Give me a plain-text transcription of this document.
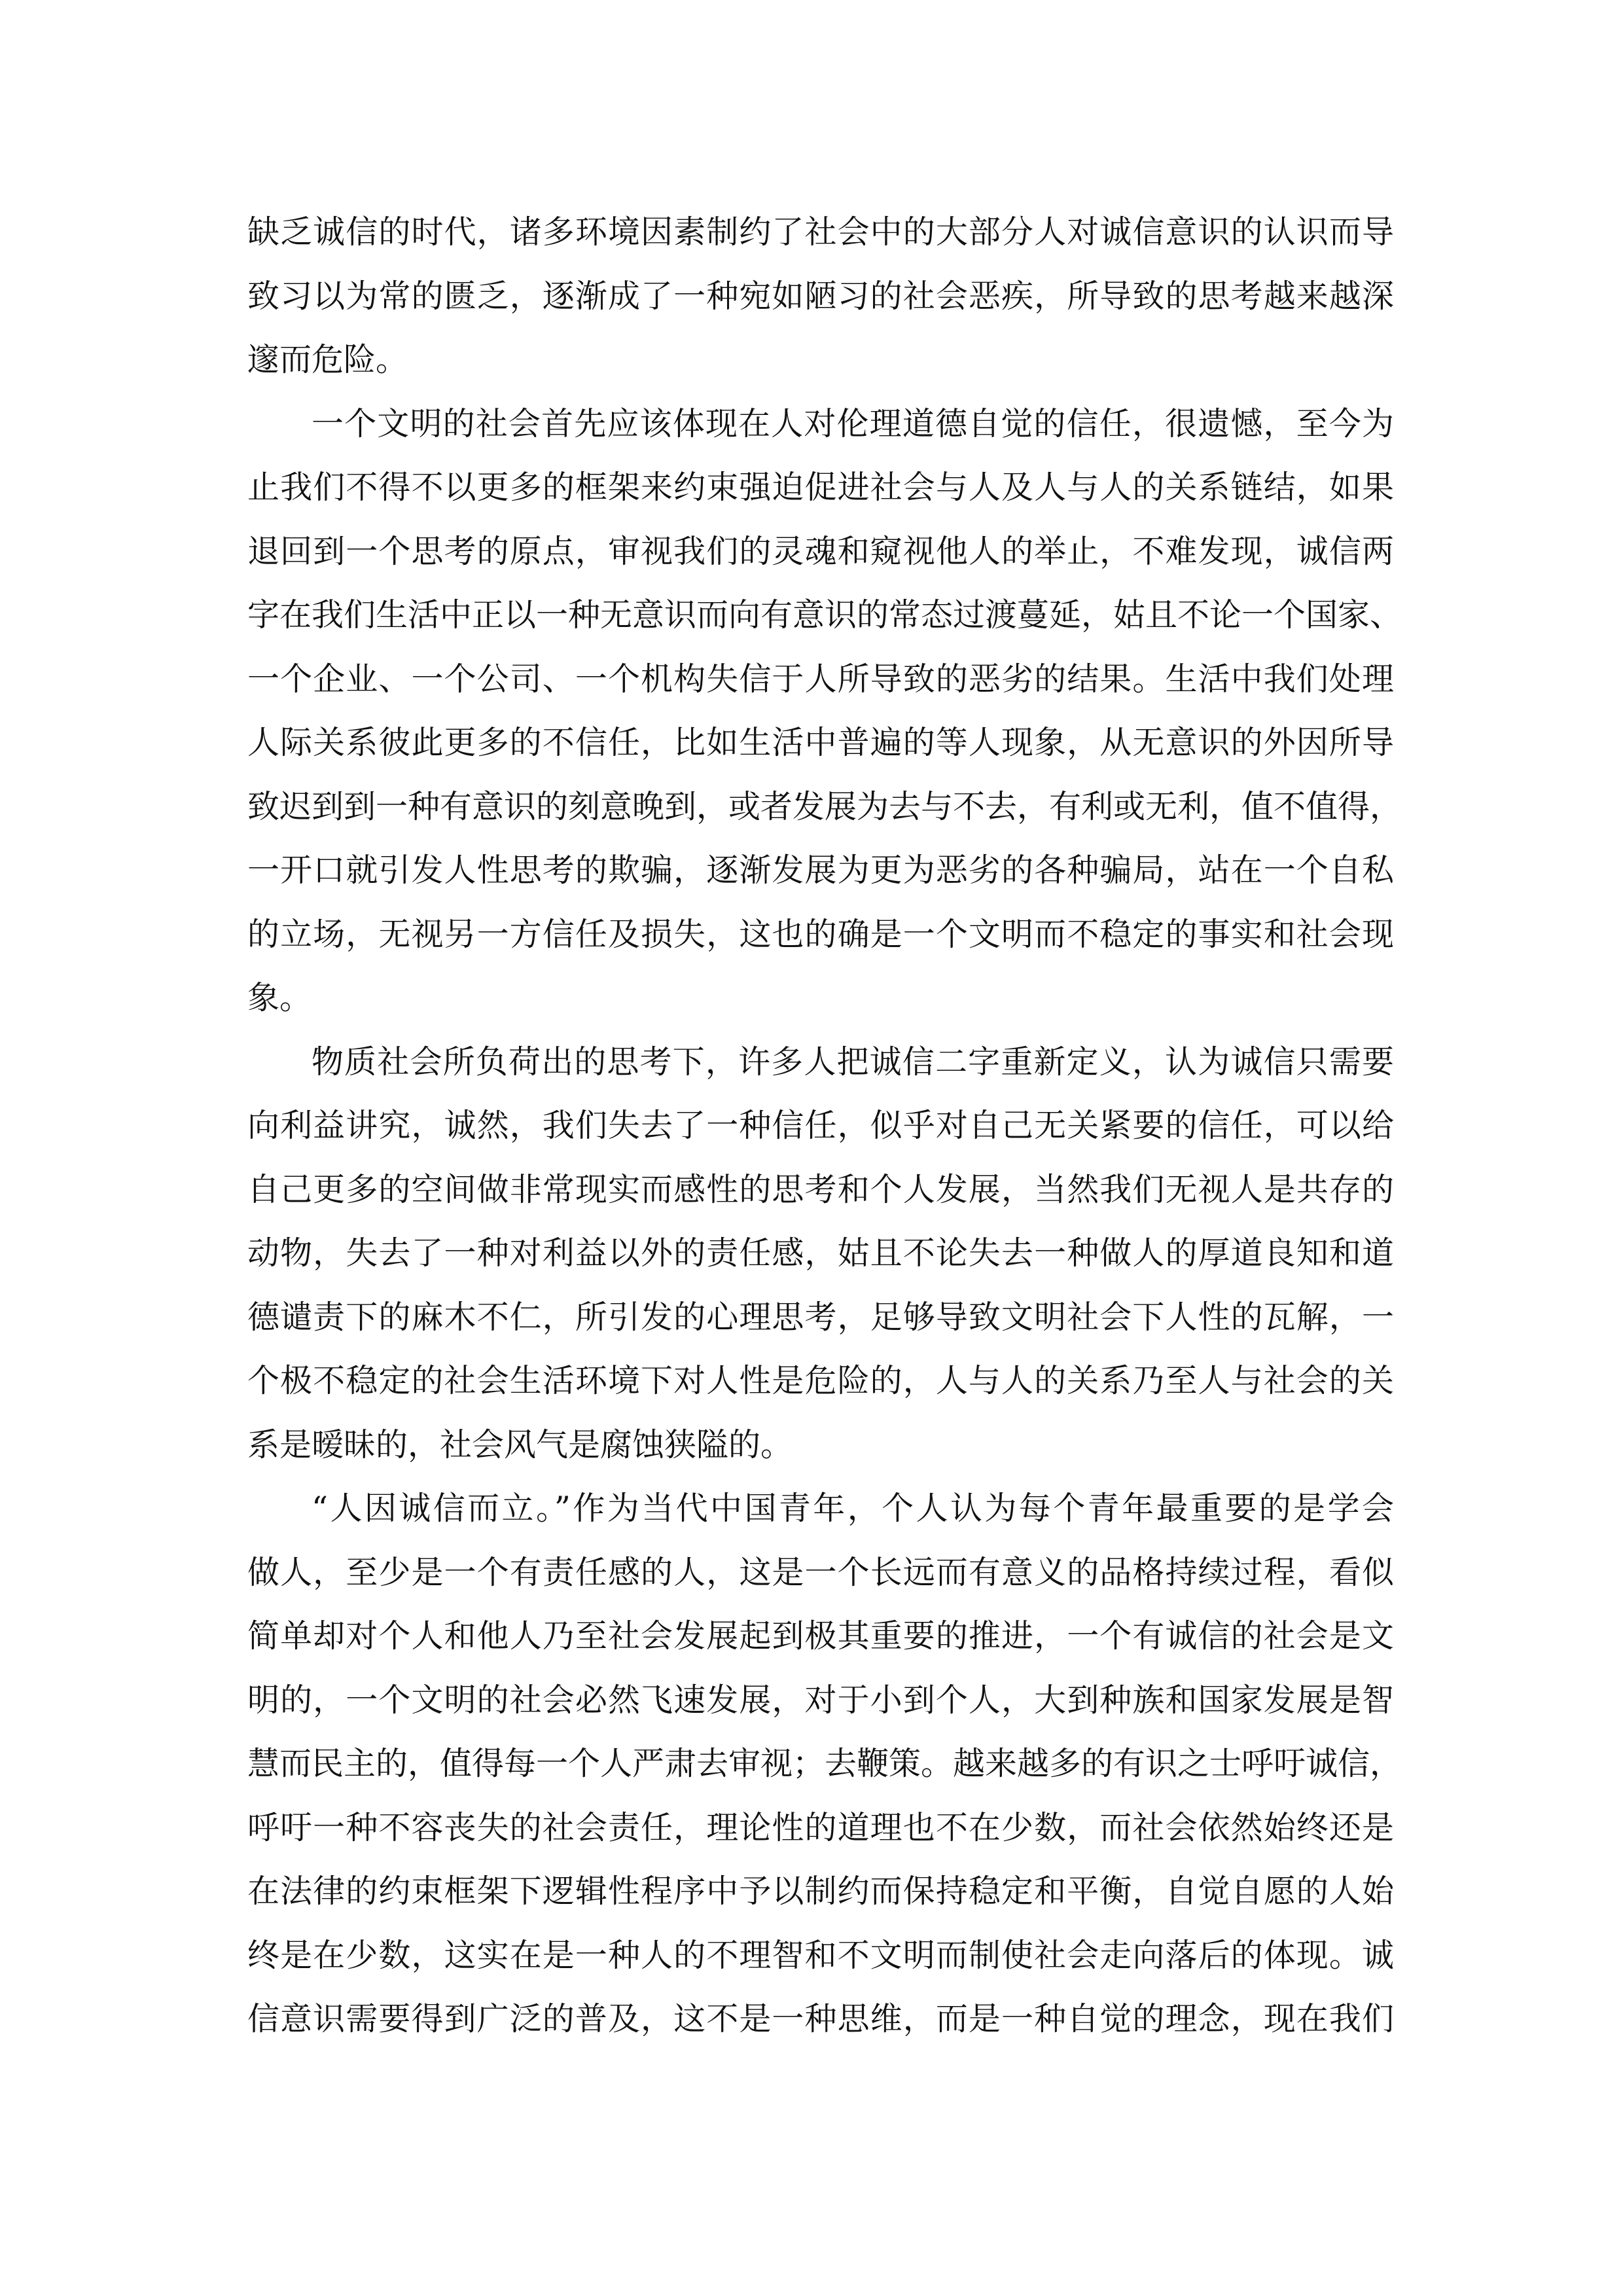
缺乏诚信的时代，诸多环境因素制约了社会中的大部分人对诚信意识的认识而导
致习以为常的匮乏，逐渐成了一种宛如陋习的社会恶疾，所导致的思考越来越深
邃而危险。
一个文明的社会首先应该体现在人对伦理道德自觉的信任，很遗憾，至今为
止我们不得不以更多的框架来约束强迫促进社会与人及人与人的关系链结，如果
退回到一个思考的原点，审视我们的灵魂和窥视他人的举止，不难发现，诚信两
字在我们生活中正以一种无意识而向有意识的常态过渡蔓延，姑且不论一个国家、
一个企业、一个公司、一个机构失信于人所导致的恶劣的结果。生活中我们处理
人际关系彼此更多的不信任，比如生活中普遍的等人现象，从无意识的外因所导
致迟到到一种有意识的刻意晚到，或者发展为去与不去，有利或无利，值不值得，
一开口就引发人性思考的欺骗，逐渐发展为更为恶劣的各种骗局，站在一个自私
的立场，无视另一方信任及损失，这也的确是一个文明而不稳定的事实和社会现
象。
物质社会所负荷出的思考下，许多人把诚信二字重新定义，认为诚信只需要
向利益讲究，诚然，我们失去了一种信任，似乎对自己无关紧要的信任，可以给
自己更多的空间做非常现实而感性的思考和个人发展，当然我们无视人是共存的
动物，失去了一种对利益以外的责任感，姑且不论失去一种做人的厚道良知和道
德谴责下的麻木不仁，所引发的心理思考，足够导致文明社会下人性的瓦解，一
个极不稳定的社会生活环境下对人性是危险的，人与人的关系乃至人与社会的关
系是暧昧的，社会风气是腐蚀狭隘的。
“人因诚信而立。”作为当代中国青年，个人认为每个青年最重要的是学会
做人，至少是一个有责任感的人，这是一个长远而有意义的品格持续过程，看似
简单却对个人和他人乃至社会发展起到极其重要的推进，一个有诚信的社会是文
明的，一个文明的社会必然飞速发展，对于小到个人，大到种族和国家发展是智
慧而民主的，值得每一个人严肃去审视；去鞭策。越来越多的有识之士呼吁诚信，
呼吁一种不容丧失的社会责任，理论性的道理也不在少数，而社会依然始终还是
在法律的约束框架下逻辑性程序中予以制约而保持稳定和平衡，自觉自愿的人始
终是在少数，这实在是一种人的不理智和不文明而制使社会走向落后的体现。诚
信意识需要得到广泛的普及，这不是一种思维，而是一种自觉的理念，现在我们
